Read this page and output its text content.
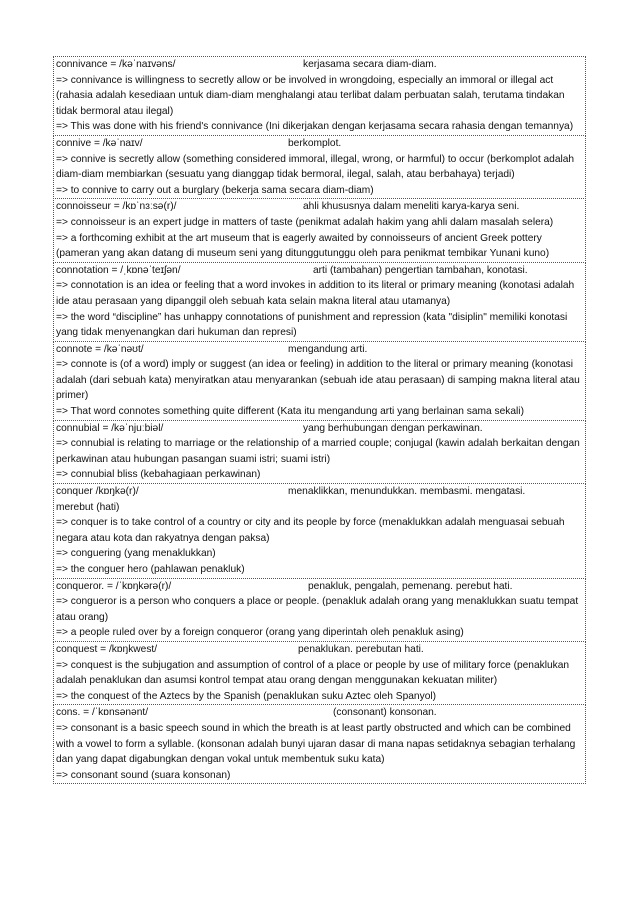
connivance = /kəˈnaɪvəns/	kerjasama secara diam-diam.
=> connivance is willingness to secretly allow or be involved in wrongdoing, especially an immoral or illegal act (rahasia adalah kesediaan untuk diam-diam menghalangi atau terlibat dalam perbuatan salah, terutama tindakan tidak bermoral atau ilegal)
=> This was done with his friend's connivance (Ini dikerjakan dengan kerjasama secara rahasia dengan temannya)
connive = /kəˈnaɪv/	berkomplot.
=> connive is secretly allow (something considered immoral, illegal, wrong, or harmful) to occur (berkomplot adalah diam-diam membiarkan (sesuatu yang dianggap tidak bermoral, ilegal, salah, atau berbahaya) terjadi)
=> to connive to carry out a burglary (bekerja sama secara diam-diam)
connoisseur = /kɒˈnɜːsə(r)/	ahli khususnya dalam meneliti karya-karya seni.
=> connoisseur is an expert judge in matters of taste (penikmat adalah hakim yang ahli dalam masalah selera)
=> a forthcoming exhibit at the art museum that is eagerly awaited by connoisseurs of ancient Greek pottery (pameran yang akan datang di museum seni yang ditunggutunggu oleh para penikmat tembikar Yunani kuno)
connotation = /ˌkɒnəˈteɪʃən/	arti (tambahan) pengertian tambahan, konotasi.
=> connotation is an idea or feeling that a word invokes in addition to its literal or primary meaning (konotasi adalah ide atau perasaan yang dipanggil oleh sebuah kata selain makna literal atau utamanya)
=> the word “discipline” has unhappy connotations of punishment and repression (kata "disiplin" memiliki konotasi yang tidak menyenangkan dari hukuman dan represi)
connote = /kəˈnəʊt/	mengandung arti.
=> connote is (of a word) imply or suggest (an idea or feeling) in addition to the literal or primary meaning (konotasi adalah (dari sebuah kata) menyiratkan atau menyarankan (sebuah ide atau perasaan) di samping makna literal atau primer)
=> That word connotes something quite different (Kata itu mengandung arti yang berlainan sama sekali)
connubial = /kəˈnjuːbiəl/	yang berhubungan dengan perkawinan.
=> connubial is relating to marriage or the relationship of a married couple; conjugal (kawin adalah berkaitan dengan perkawinan atau hubungan pasangan suami istri; suami istri)
=> connubial bliss (kebahagiaan perkawinan)
conquer /kɒŋkə(r)/	menaklikkan, menundukkan. membasmi. mengatasi.
merebut (hati)
=> conquer is to take control of a country or city and its people by force (menaklukkan adalah menguasai sebuah negara atau kota dan rakyatnya dengan paksa)
=> conguering (yang menaklukkan)
=> the conguer hero (pahlawan penakluk)
conqueror. = /ˈkɒŋkərə(r)/	penakluk, pengalah, pemenang. perebut hati.
=> congueror is a person who conquers a place or people. (penakluk adalah orang yang menaklukkan suatu tempat atau orang)
=> a people ruled over by a foreign conqueror (orang yang diperintah oleh penakluk asing)
conquest = /kɒŋkwest/	penaklukan. perebutan hati.
=> conquest is the subjugation and assumption of control of a place or people by use of military force (penaklukan adalah penaklukan dan asumsi kontrol tempat atau orang dengan menggunakan kekuatan militer)
=> the conquest of the Aztecs by the Spanish (penaklukan suku Aztec oleh Spanyol)
cons. = /ˈkɒnsənənt/	(consonant) konsonan.
=> consonant is a basic speech sound in which the breath is at least partly obstructed and which can be combined with a vowel to form a syllable. (konsonan adalah bunyi ujaran dasar di mana napas setidaknya sebagian terhalang dan yang dapat digabungkan dengan vokal untuk membentuk suku kata)
=> consonant sound (suara konsonan)
